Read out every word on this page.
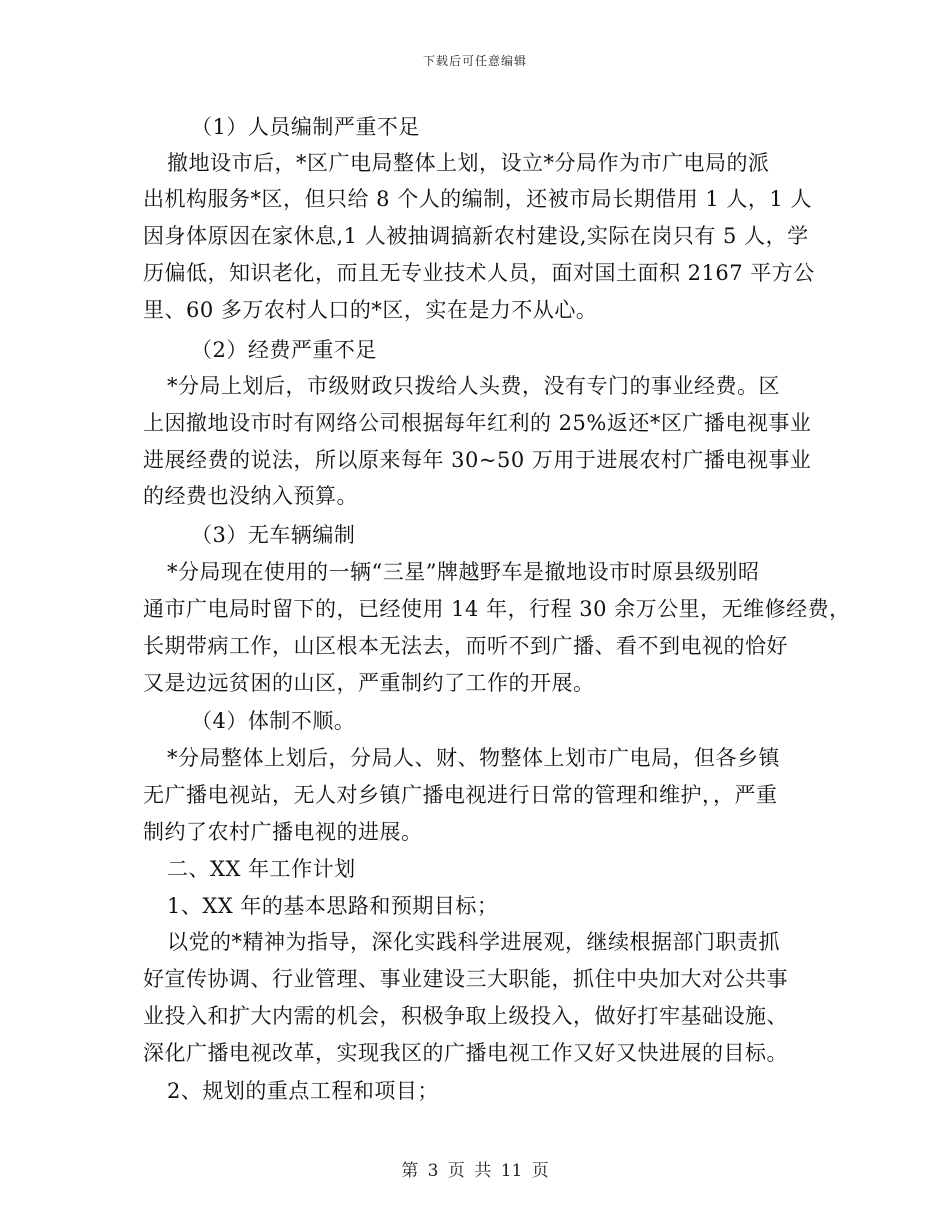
下载后可任意编辑
（1）人员编制严重不足
撤地设市后，*区广电局整体上划，设立*分局作为市广电局的派
出机构服务*区，但只给 8 个人的编制，还被市局长期借用 1 人，1 人
因身体原因在家休息,1 人被抽调搞新农村建设,实际在岗只有 5 人，学
历偏低，知识老化，而且无专业技术人员，面对国土面积 2167 平方公
里、60 多万农村人口的*区，实在是力不从心。
（2）经费严重不足
*分局上划后，市级财政只拨给人头费，没有专门的事业经费。区
上因撤地设市时有网络公司根据每年红利的 25%返还*区广播电视事业
进展经费的说法，所以原来每年 30~50 万用于进展农村广播电视事业
的经费也没纳入预算。
（3）无车辆编制
*分局现在使用的一辆“三星”牌越野车是撤地设市时原县级别昭
通市广电局时留下的，已经使用 14 年，行程 30 余万公里，无维修经费，
长期带病工作，山区根本无法去，而听不到广播、看不到电视的恰好
又是边远贫困的山区，严重制约了工作的开展。
（4）体制不顺。
*分局整体上划后，分局人、财、物整体上划市广电局，但各乡镇
无广播电视站，无人对乡镇广播电视进行日常的管理和维护，，严重
制约了农村广播电视的进展。
二、XX 年工作计划
1、XX 年的基本思路和预期目标；
以党的*精神为指导，深化实践科学进展观，继续根据部门职责抓
好宣传协调、行业管理、事业建设三大职能，抓住中央加大对公共事
业投入和扩大内需的机会，积极争取上级投入，做好打牢基础设施、
深化广播电视改革，实现我区的广播电视工作又好又快进展的目标。
2、规划的重点工程和项目；
第 3 页 共 11 页
